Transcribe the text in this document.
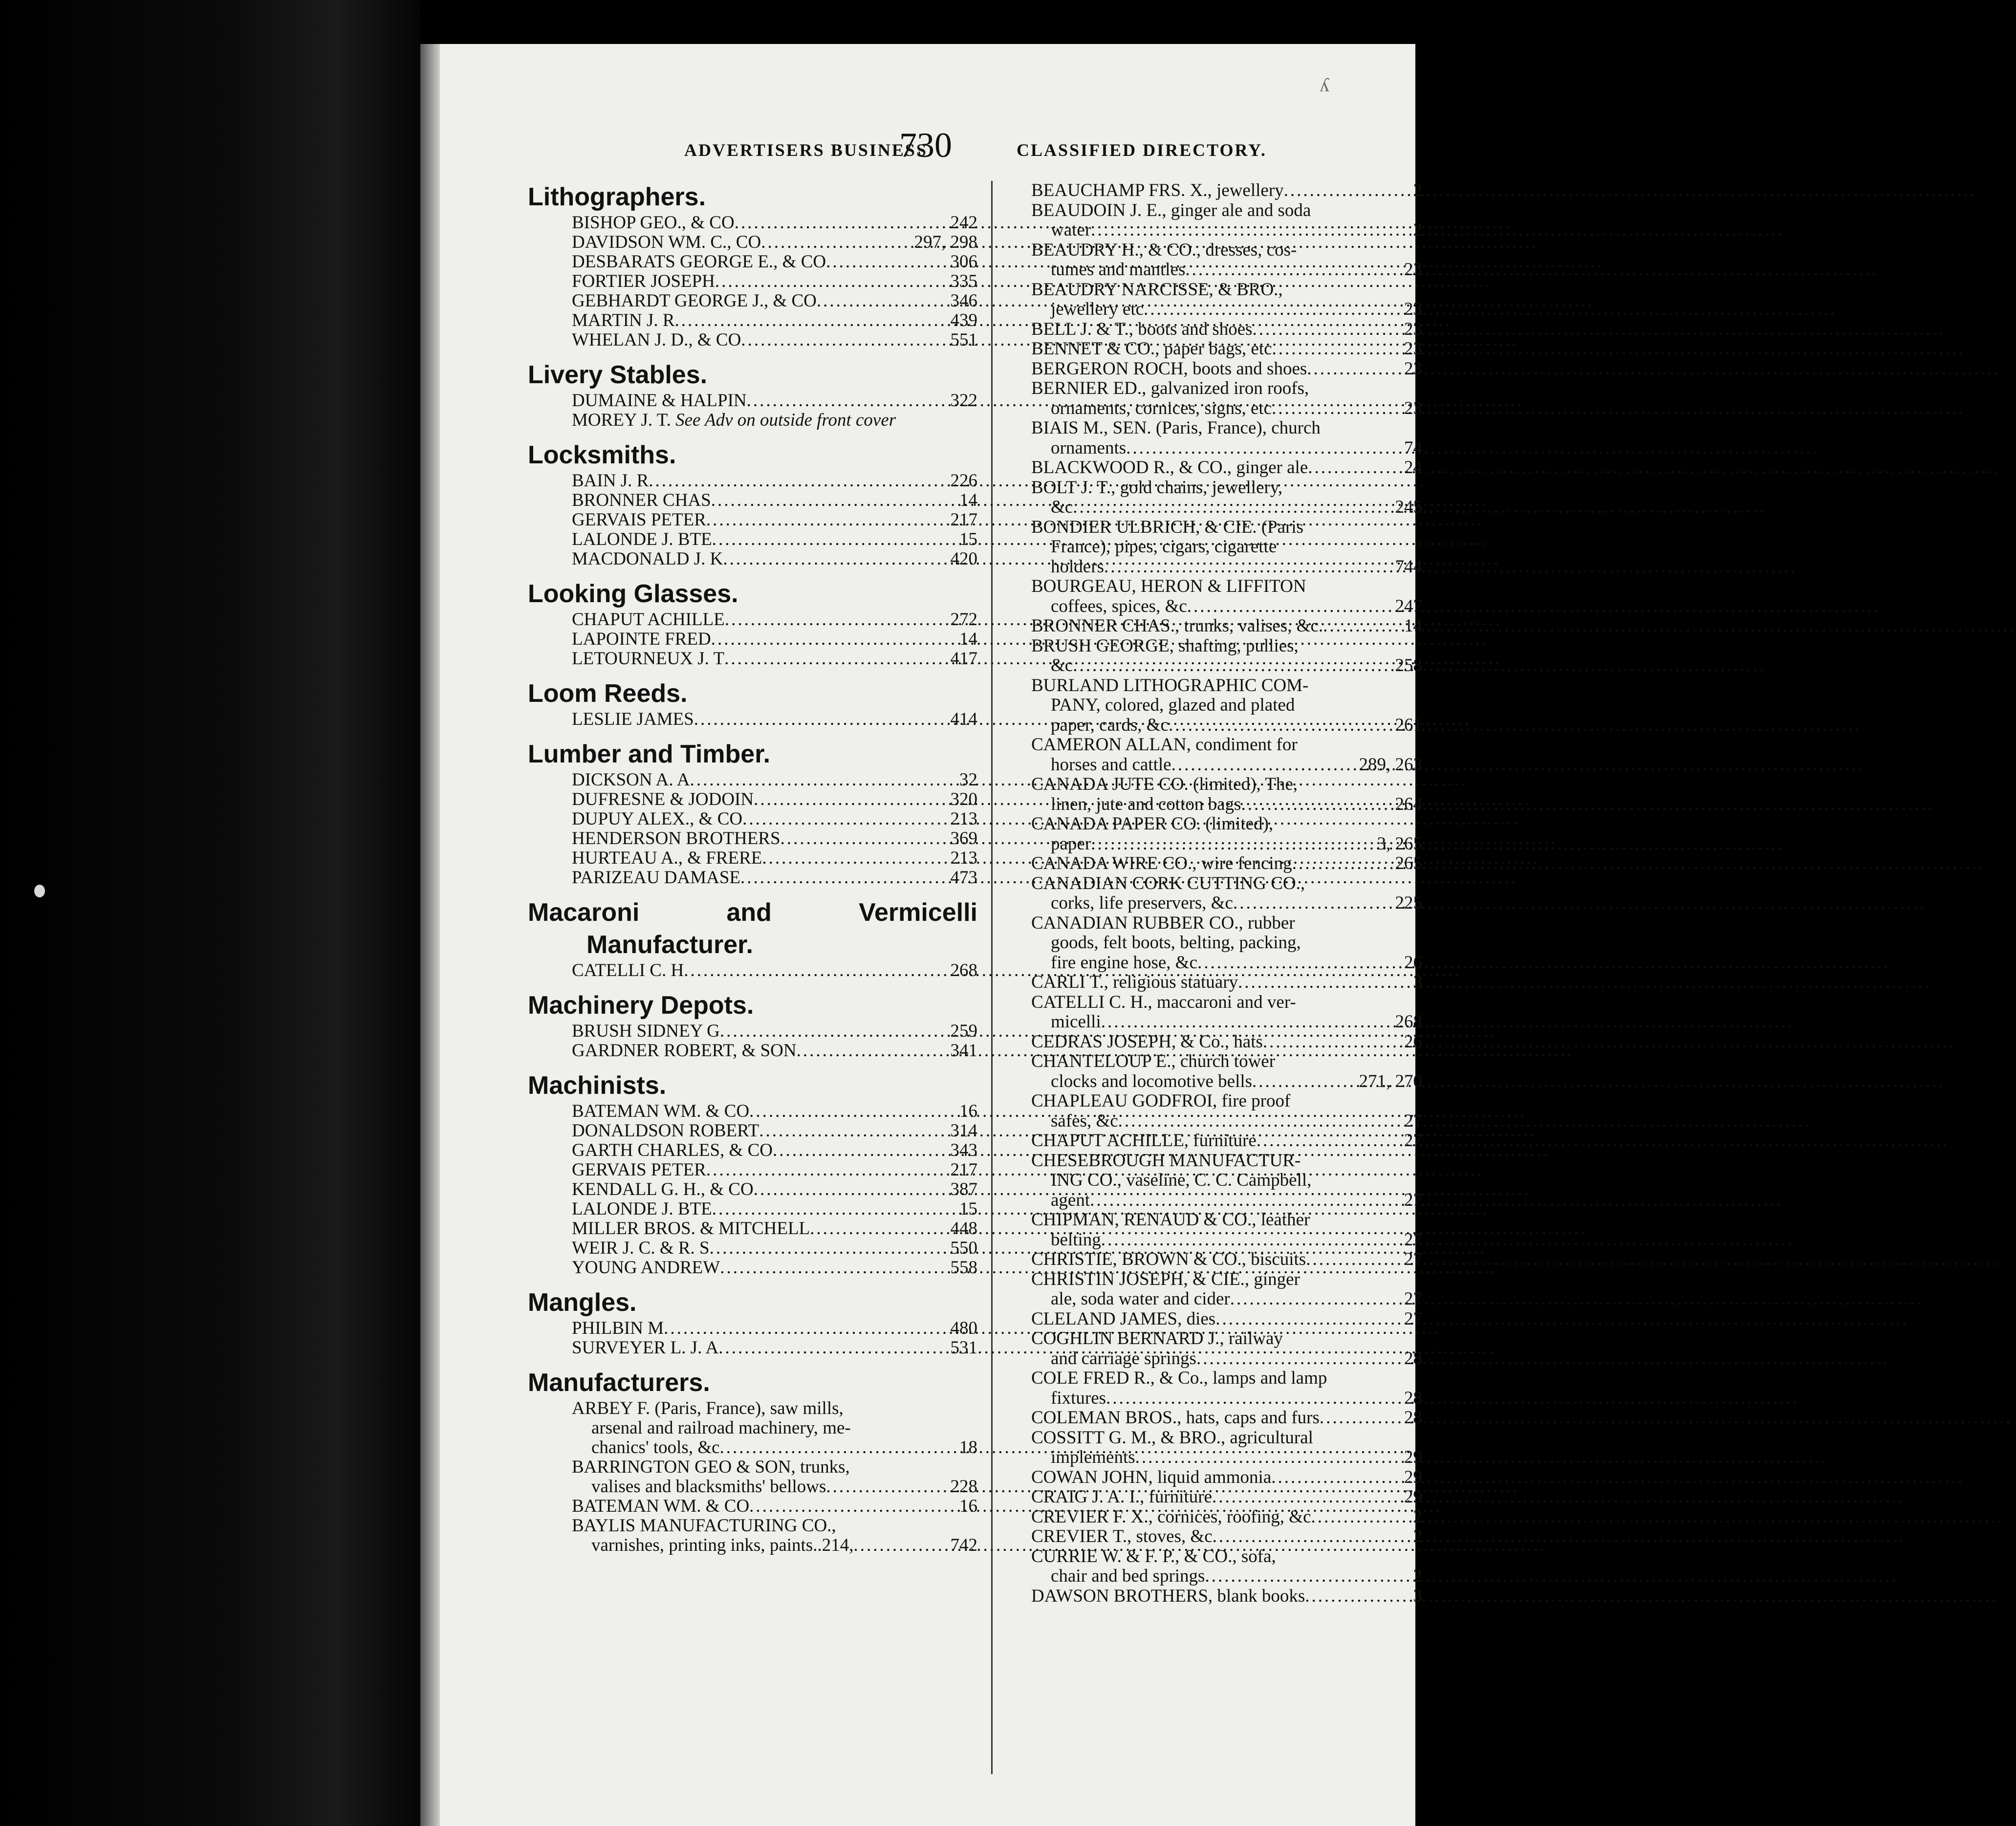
ʎ
ADVERTISERS BUSINESS
730	CLASSIFIED DIRECTORY.
Lithographers.
BISHOP GEO., & CO .....	242
DAVIDSON WM. C., CO .....	297, 298
DESBARATS GEORGE E., & CO .....	306
FORTIER JOSEPH .....	335
GEBHARDT GEORGE J., & CO .....	346
MARTIN J. R .....	439
WHELAN J. D., & CO .....	551
Livery Stables.
DUMAINE & HALPIN .....	322
MOREY J. T. See Adv on outside front cover
Locksmiths.
BAIN J. R .....	226
BRONNER CHAS .....	14
GERVAIS PETER .....	217
LALONDE J. BTE .....	15
MACDONALD J. K .....	420
Looking Glasses.
CHAPUT ACHILLE .....	272
LAPOINTE FRED .....	14
LETOURNEUX J. T .....	417
Loom Reeds.
LESLIE JAMES .....	414
Lumber and Timber.
DICKSON A. A .....	32
DUFRESNE & JODOIN .....	320
DUPUY ALEX., & CO .....	213
HENDERSON BROTHERS .....	369
HURTEAU A., & FRERE .....	213
PARIZEAU DAMASE .....	473
Macaroni and Vermicelli
Manufacturer.
CATELLI C. H .....	268
Machinery Depots.
BRUSH SIDNEY G .....	259
GARDNER ROBERT, & SON .....	341
Machinists.
BATEMAN WM. & CO .....	16
DONALDSON ROBERT .....	314
GARTH CHARLES, & CO .....	343
GERVAIS PETER .....	217
KENDALL G. H., & CO .....	387
LALONDE J. BTE .....	15
MILLER BROS. & MITCHELL .....	448
WEIR J. C. & R. S .....	550
YOUNG ANDREW .....	558
Mangles.
PHILBIN M .....	480
SURVEYER L. J. A .....	531
Manufacturers.
ARBEY F. (Paris, France), saw mills,
arsenal and railroad machinery, me-
chanics' tools, &c .....	18
BARRINGTON GEO & SON, trunks,
valises and blacksmiths' bellows .....	228
BATEMAN WM. & CO .....	16
BAYLIS MANUFACTURING CO.,
varnishes, printing inks, paints..214, .....	742
BEAUCHAMP FRS. X., jewellery .....	2
BEAUDOIN J. E., ginger ale and soda
water .....	2
BEAUDRY H., & CO., dresses, cos-
tumes and mantles .....	23
BEAUDRY NARCISSE, & BRO.,
jewellery etc .....	23
BELL J. & T., boots and shoes .....	23
BENNET & CO., paper bags, etc .....	23
BERGERON ROCH, boots and shoes .....	23
BERNIER ED., galvanized iron roofs,
ornaments, cornices, signs, etc .....	23
BIAIS M., SEN. (Paris, France), church
ornaments .....	74
BLACKWOOD R., & CO., ginger ale .....	24
BOLT J. T., gold chains, jewellery,
&c .....	245
BONDIER ULBRICH, & CIE. (Paris
France), pipes, cigars, cigarette
holders .....	744
BOURGEAU, HERON & LIFFITON
coffees, spices, &c .....	247
BRONNER CHAS., trunks, valises, &c. .....	14
BRUSH GEORGE, shafting, pullies,
&c .....	258
BURLAND LITHOGRAPHIC COM-
PANY, colored, glazed and plated
paper, cards, &c .....	261
CAMERON ALLAN, condiment for
horses and cattle .....	289, 263
CANADA JUTE CO. (limited), The,
linen, jute and cotton bags .....	264
CANADA PAPER CO. (limited),
paper .....	3, 265
CANADA WIRE CO., wire fencing .....	265
CANADIAN CORK CUTTING CO.,
corks, life preservers, &c .....	225
CANADIAN RUBBER CO., rubber
goods, felt boots, belting, packing,
fire engine hose, &c .....	26
CARLI T., religious statuary .....	3
CATELLI C. H., maccaroni and ver-
micelli .....	268
CEDRAS JOSEPH, & Co., hats .....	26
CHANTELOUP E., church tower
clocks and locomotive bells .....	271, 270
CHAPLEAU GODFROI, fire proof
safes, &c .....	27
CHAPUT ACHILLE, furniture .....	27
CHESEBROUGH MANUFACTUR-
ING CO., vaseline, C. C. Campbell,
agent .....	27
CHIPMAN, RENAUD & CO., leather
belting .....	27
CHRISTIE, BROWN & CO., biscuits .....	27
CHRISTIN JOSEPH, & CIE., ginger
ale, soda water and cider .....	27
CLELAND JAMES, dies .....	27
COGHLIN BERNARD J., railway
and carriage springs .....	28
COLE FRED R., & Co., lamps and lamp
fixtures .....	28
COLEMAN BROS., hats, caps and furs .....	28
COSSITT G. M., & BRO., agricultural
implements .....	29
COWAN JOHN, liquid ammonia .....	29
CRAIG J. A. I., furniture .....	29
CREVIER F. X., cornices, roofing, &c .....	2
CREVIER T., stoves, &c .....	2
CURRIE W. & F. P., & CO., sofa,
chair and bed springs .....	2
DAWSON BROTHERS, blank books .....	3
